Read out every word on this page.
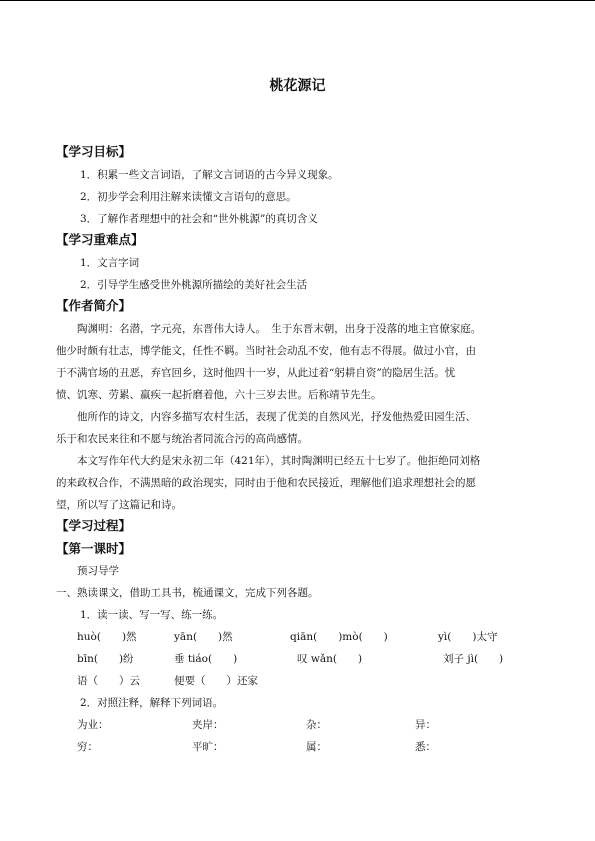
桃花源记
【学习目标】
1．积累一些文言词语，了解文言词语的古今异义现象。
2．初步学会利用注解来读懂文言语句的意思。
3．了解作者理想中的社会和“世外桃源”的真切含义
【学习重难点】
1．文言字词
2．引导学生感受世外桃源所描绘的美好社会生活
【作者简介】
陶渊明：名潜，字元亮，东晋伟大诗人。　生于东晋末朝，出身于没落的地主官僚家庭。
他少时颇有壮志，博学能文，任性不羁。当时社会动乱不安，他有志不得展。做过小官，由
于不满官场的丑恶，弃官回乡，这时他四十一岁，从此过着“躬耕自资”的隐居生活。忧
愤、饥寒、劳累、羸疾一起折磨着他，六十三岁去世。后称靖节先生。
他所作的诗文，内容多描写农村生活，表现了优美的自然风光，抒发他热爱田园生活、
乐于和农民来往和不愿与统治者同流合污的高尚感情。
本文写作年代大约是宋永初二年（421年），其时陶渊明已经五十七岁了。他拒绝同刘格
的来政权合作，不满黑暗的政治现实，同时由于他和农民接近，理解他们追求理想社会的愿
望，所以写了这篇记和诗。
【学习过程】
【第一课时】
预习导学
一、熟读课文，借助工具书，梳通课文，完成下列各题。
1．读一读、写一写、练一练。
huò(　　)然	yān(　　)然	qiān(　　)mò(　　)	yì(　　)太守
bīn(　　)纷	垂 tiáo(　　)	叹 wǎn(　　)	刘子 jì(　　)
语（　　）云	便要（　　）还家
2．对照注释，解释下列词语。
为业：	夹岸：	杂：	异：
穷：	平旷：	属：	悉：
